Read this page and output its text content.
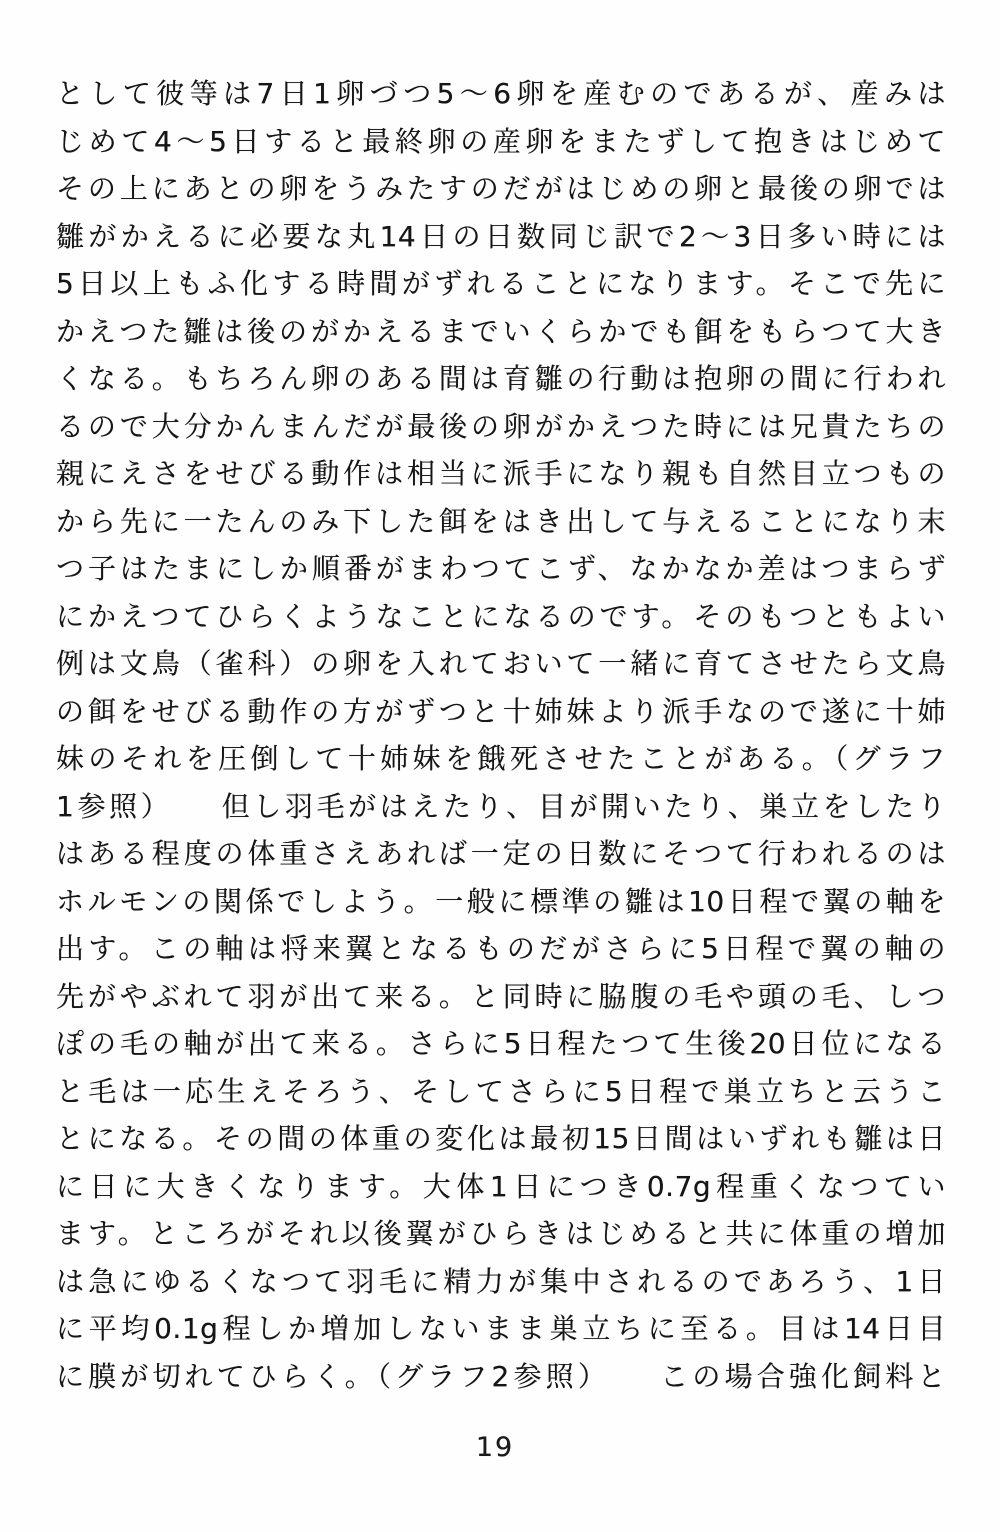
として彼等は7日1卵づつ5～6卵を産むのであるが、産みは
じめて4～5日すると最終卵の産卵をまたずして抱きはじめて
その上にあとの卵をうみたすのだがはじめの卵と最後の卵では
雛がかえるに必要な丸14日の日数同じ訳で2～3日多い時には
5日以上もふ化する時間がずれることになります。そこで先に
かえつた雛は後のがかえるまでいくらかでも餌をもらつて大き
くなる。もちろん卵のある間は育雛の行動は抱卵の間に行われ
るので大分かんまんだが最後の卵がかえつた時には兄貴たちの
親にえさをせびる動作は相当に派手になり親も自然目立つもの
から先に一たんのみ下した餌をはき出して与えることになり末
つ子はたまにしか順番がまわつてこず、なかなか差はつまらず
にかえつてひらくようなことになるのです。そのもつともよい
例は文鳥（雀科）の卵を入れておいて一緒に育てさせたら文鳥
の餌をせびる動作の方がずつと十姉妹より派手なので遂に十姉
妹のそれを圧倒して十姉妹を餓死させたことがある。（グラフ
1参照）　　但し羽毛がはえたり、目が開いたり、巣立をしたり
はある程度の体重さえあれば一定の日数にそつて行われるのは
ホルモンの関係でしよう。一般に標準の雛は10日程で翼の軸を
出す。この軸は将来翼となるものだがさらに5日程で翼の軸の
先がやぶれて羽が出て来る。と同時に脇腹の毛や頭の毛、しつ
ぽの毛の軸が出て来る。さらに5日程たつて生後20日位になる
と毛は一応生えそろう、そしてさらに5日程で巣立ちと云うこ
とになる。その間の体重の変化は最初15日間はいずれも雛は日
に日に大きくなります。大体1日につき0.7g程重くなつてい
ます。ところがそれ以後翼がひらきはじめると共に体重の増加
は急にゆるくなつて羽毛に精力が集中されるのであろう、1日
に平均0.1g程しか増加しないまま巣立ちに至る。目は14日目
に膜が切れてひらく。（グラフ2参照）　　この場合強化飼料と
19
